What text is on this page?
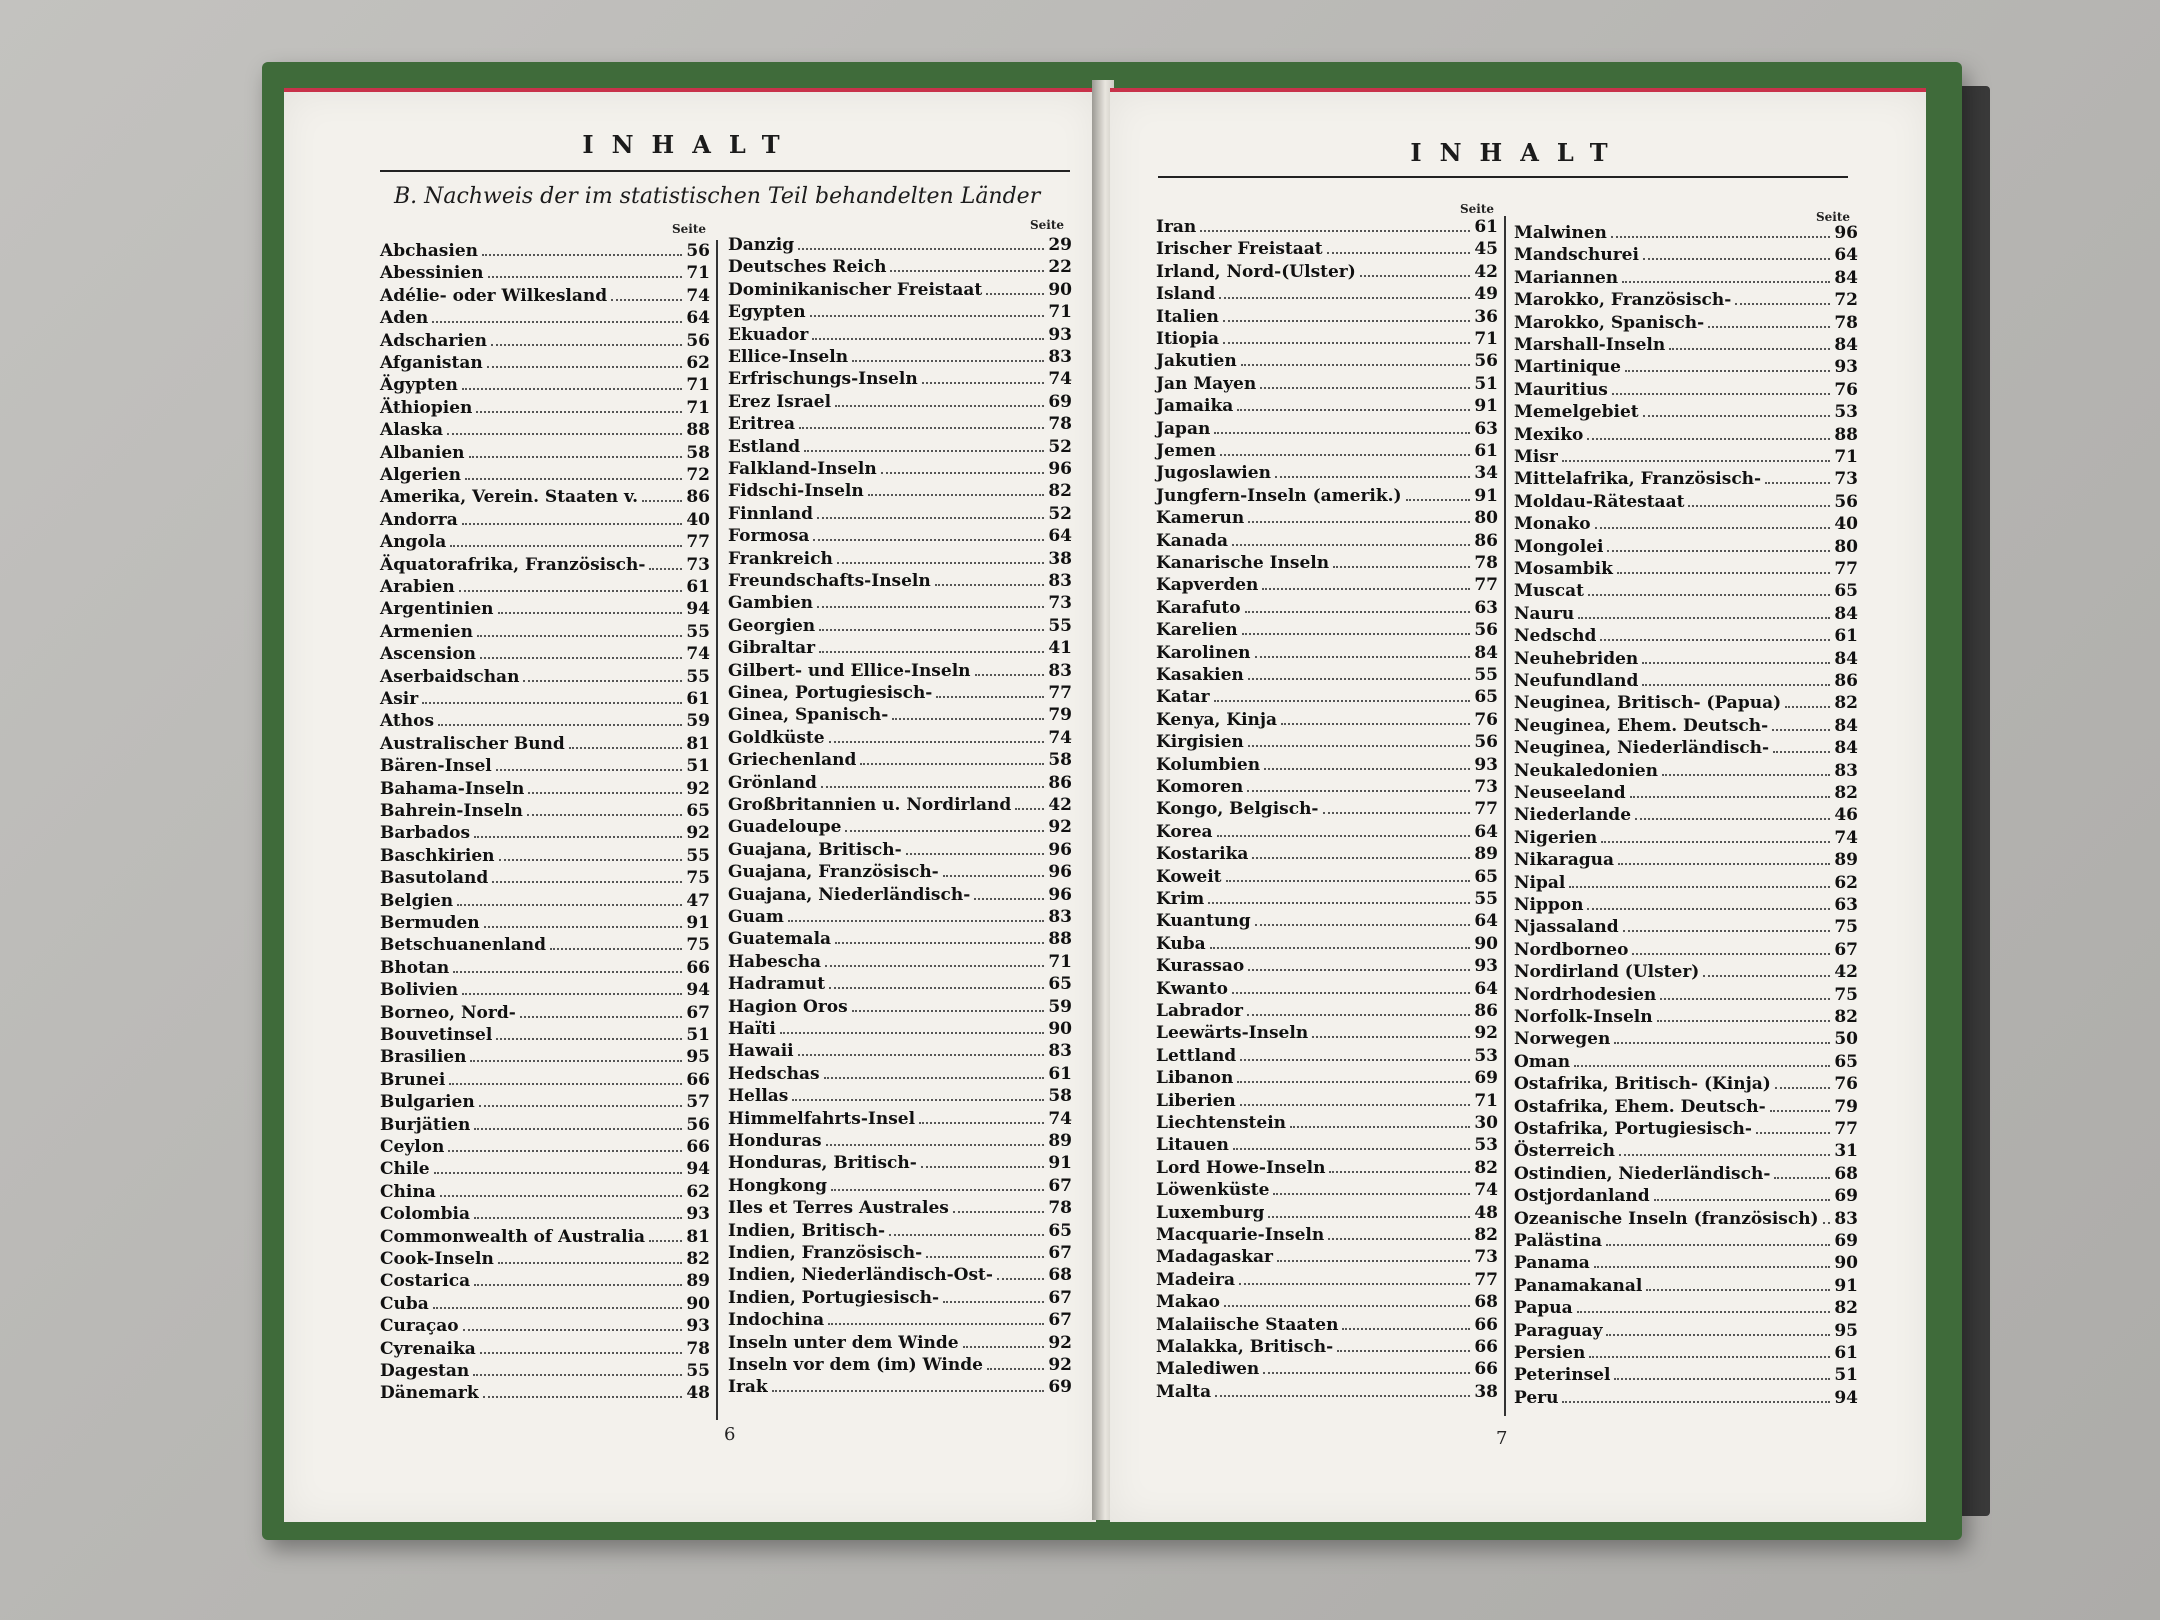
INHALT
B. Nachweis der im statistischen Teil behandelten Länder
Seite	Seite
Abchasien	56
Abessinien	71
Adélie- oder Wilkesland	74
Aden	64
Adscharien	56
Afganistan	62
Ägypten	71
Äthiopien	71
Alaska	88
Albanien	58
Algerien	72
Amerika, Verein. Staaten v.	86
Andorra	40
Angola	77
Äquatorafrika, Französisch- 73
Arabien	61
Argentinien	94
Armenien	55
Ascension	74
Aserbaidschan	55
Asir	61
Athos	59
Australischer Bund	81
Bären-Insel	51
Bahama-Inseln	92
Bahrein-Inseln	65
Barbados	92
Baschkirien	55
Basutoland	75
Belgien	47
Bermuden	91
Betschuanenland	75
Bhotan	66
Bolivien	94
Borneo, Nord-	67
Bouvetinsel	51
Brasilien	95
Brunei	66
Bulgarien	57
Burjätien	56
Ceylon	66
Chile	94
China	62
Colombia	93
Commonwealth of Australia 81
Cook-Inseln	82
Costarica	89
Cuba	90
Curaçao	93
Cyrenaika	78
Dagestan	55
Dänemark	48
Danzig	29
Deutsches Reich	22
Dominikanischer Freistaat	90
Egypten	71
Ekuador	93
Ellice-Inseln	83
Erfrischungs-Inseln	74
Erez Israel	69
Eritrea	78
Estland	52
Falkland-Inseln	96
Fidschi-Inseln	82
Finnland	52
Formosa	64
Frankreich	38
Freundschafts-Inseln	83
Gambien	73
Georgien	55
Gibraltar	41
Gilbert- und Ellice-Inseln	83
Ginea, Portugiesisch-	77
Ginea, Spanisch-	79
Goldküste	74
Griechenland	58
Grönland	86
Großbritannien u. Nordirland 42
Guadeloupe	92
Guajana, Britisch-	96
Guajana, Französisch-	96
Guajana, Niederländisch-	96
Guam	83
Guatemala	88
Habescha	71
Hadramut	65
Hagion Oros	59
Haïti	90
Hawaii	83
Hedschas	61
Hellas	58
Himmelfahrts-Insel	74
Honduras	89
Honduras, Britisch-	91
Hongkong	67
Iles et Terres Australes	78
Indien, Britisch-	65
Indien, Französisch-	67
Indien, Niederländisch-Ost-	68
Indien, Portugiesisch-	67
Indochina	67
Inseln unter dem Winde	92
Inseln vor dem (im) Winde	92
Irak	69
6
INHALT
Seite
Seite
Iran	61
Irischer Freistaat	45
Irland, Nord-(Ulster)	42
Island	49
Italien	36
Itiopia	71
Jakutien	56
Jan Mayen	51
Jamaika	91
Japan	63
Jemen	61
Jugoslawien	34
Jungfern-Inseln (amerik.)	91
Kamerun	80
Kanada	86
Kanarische Inseln	78
Kapverden	77
Karafuto	63
Karelien	56
Karolinen	84
Kasakien	55
Katar	65
Kenya, Kinja	76
Kirgisien	56
Kolumbien	93
Komoren	73
Kongo, Belgisch-	77
Korea	64
Kostarika	89
Koweit	65
Krim	55
Kuantung	64
Kuba	90
Kurassao	93
Kwanto	64
Labrador	86
Leewärts-Inseln	92
Lettland	53
Libanon	69
Liberien	71
Liechtenstein	30
Litauen	53
Lord Howe-Inseln	82
Löwenküste	74
Luxemburg	48
Macquarie-Inseln	82
Madagaskar	73
Madeira	77
Makao	68
Malaiische Staaten	66
Malakka, Britisch-	66
Malediwen	66
Malta	38
Malwinen	96
Mandschurei	64
Mariannen	84
Marokko, Französisch-	72
Marokko, Spanisch-	78
Marshall-Inseln	84
Martinique	93
Mauritius	76
Memelgebiet	53
Mexiko	88
Misr	71
Mittelafrika, Französisch-	73
Moldau-Rätestaat	56
Monako	40
Mongolei	80
Mosambik	77
Muscat	65
Nauru	84
Nedschd	61
Neuhebriden	84
Neufundland	86
Neuginea, Britisch- (Papua)	82
Neuginea, Ehem. Deutsch-	84
Neuginea, Niederländisch-	84
Neukaledonien	83
Neuseeland	82
Niederlande	46
Nigerien	74
Nikaragua	89
Nipal	62
Nippon	63
Njassaland	75
Nordborneo	67
Nordirland (Ulster)	42
Nordrhodesien	75
Norfolk-Inseln	82
Norwegen	50
Oman	65
Ostafrika, Britisch- (Kinja)	76
Ostafrika, Ehem. Deutsch-	79
Ostafrika, Portugiesisch-	77
Österreich	31
Ostindien, Niederländisch-	68
Ostjordanland	69
Ozeanische Inseln (französisch) 83
Palästina	69
Panama	90
Panamakanal	91
Papua	82
Paraguay	95
Persien	61
Peterinsel	51
Peru	94
7
